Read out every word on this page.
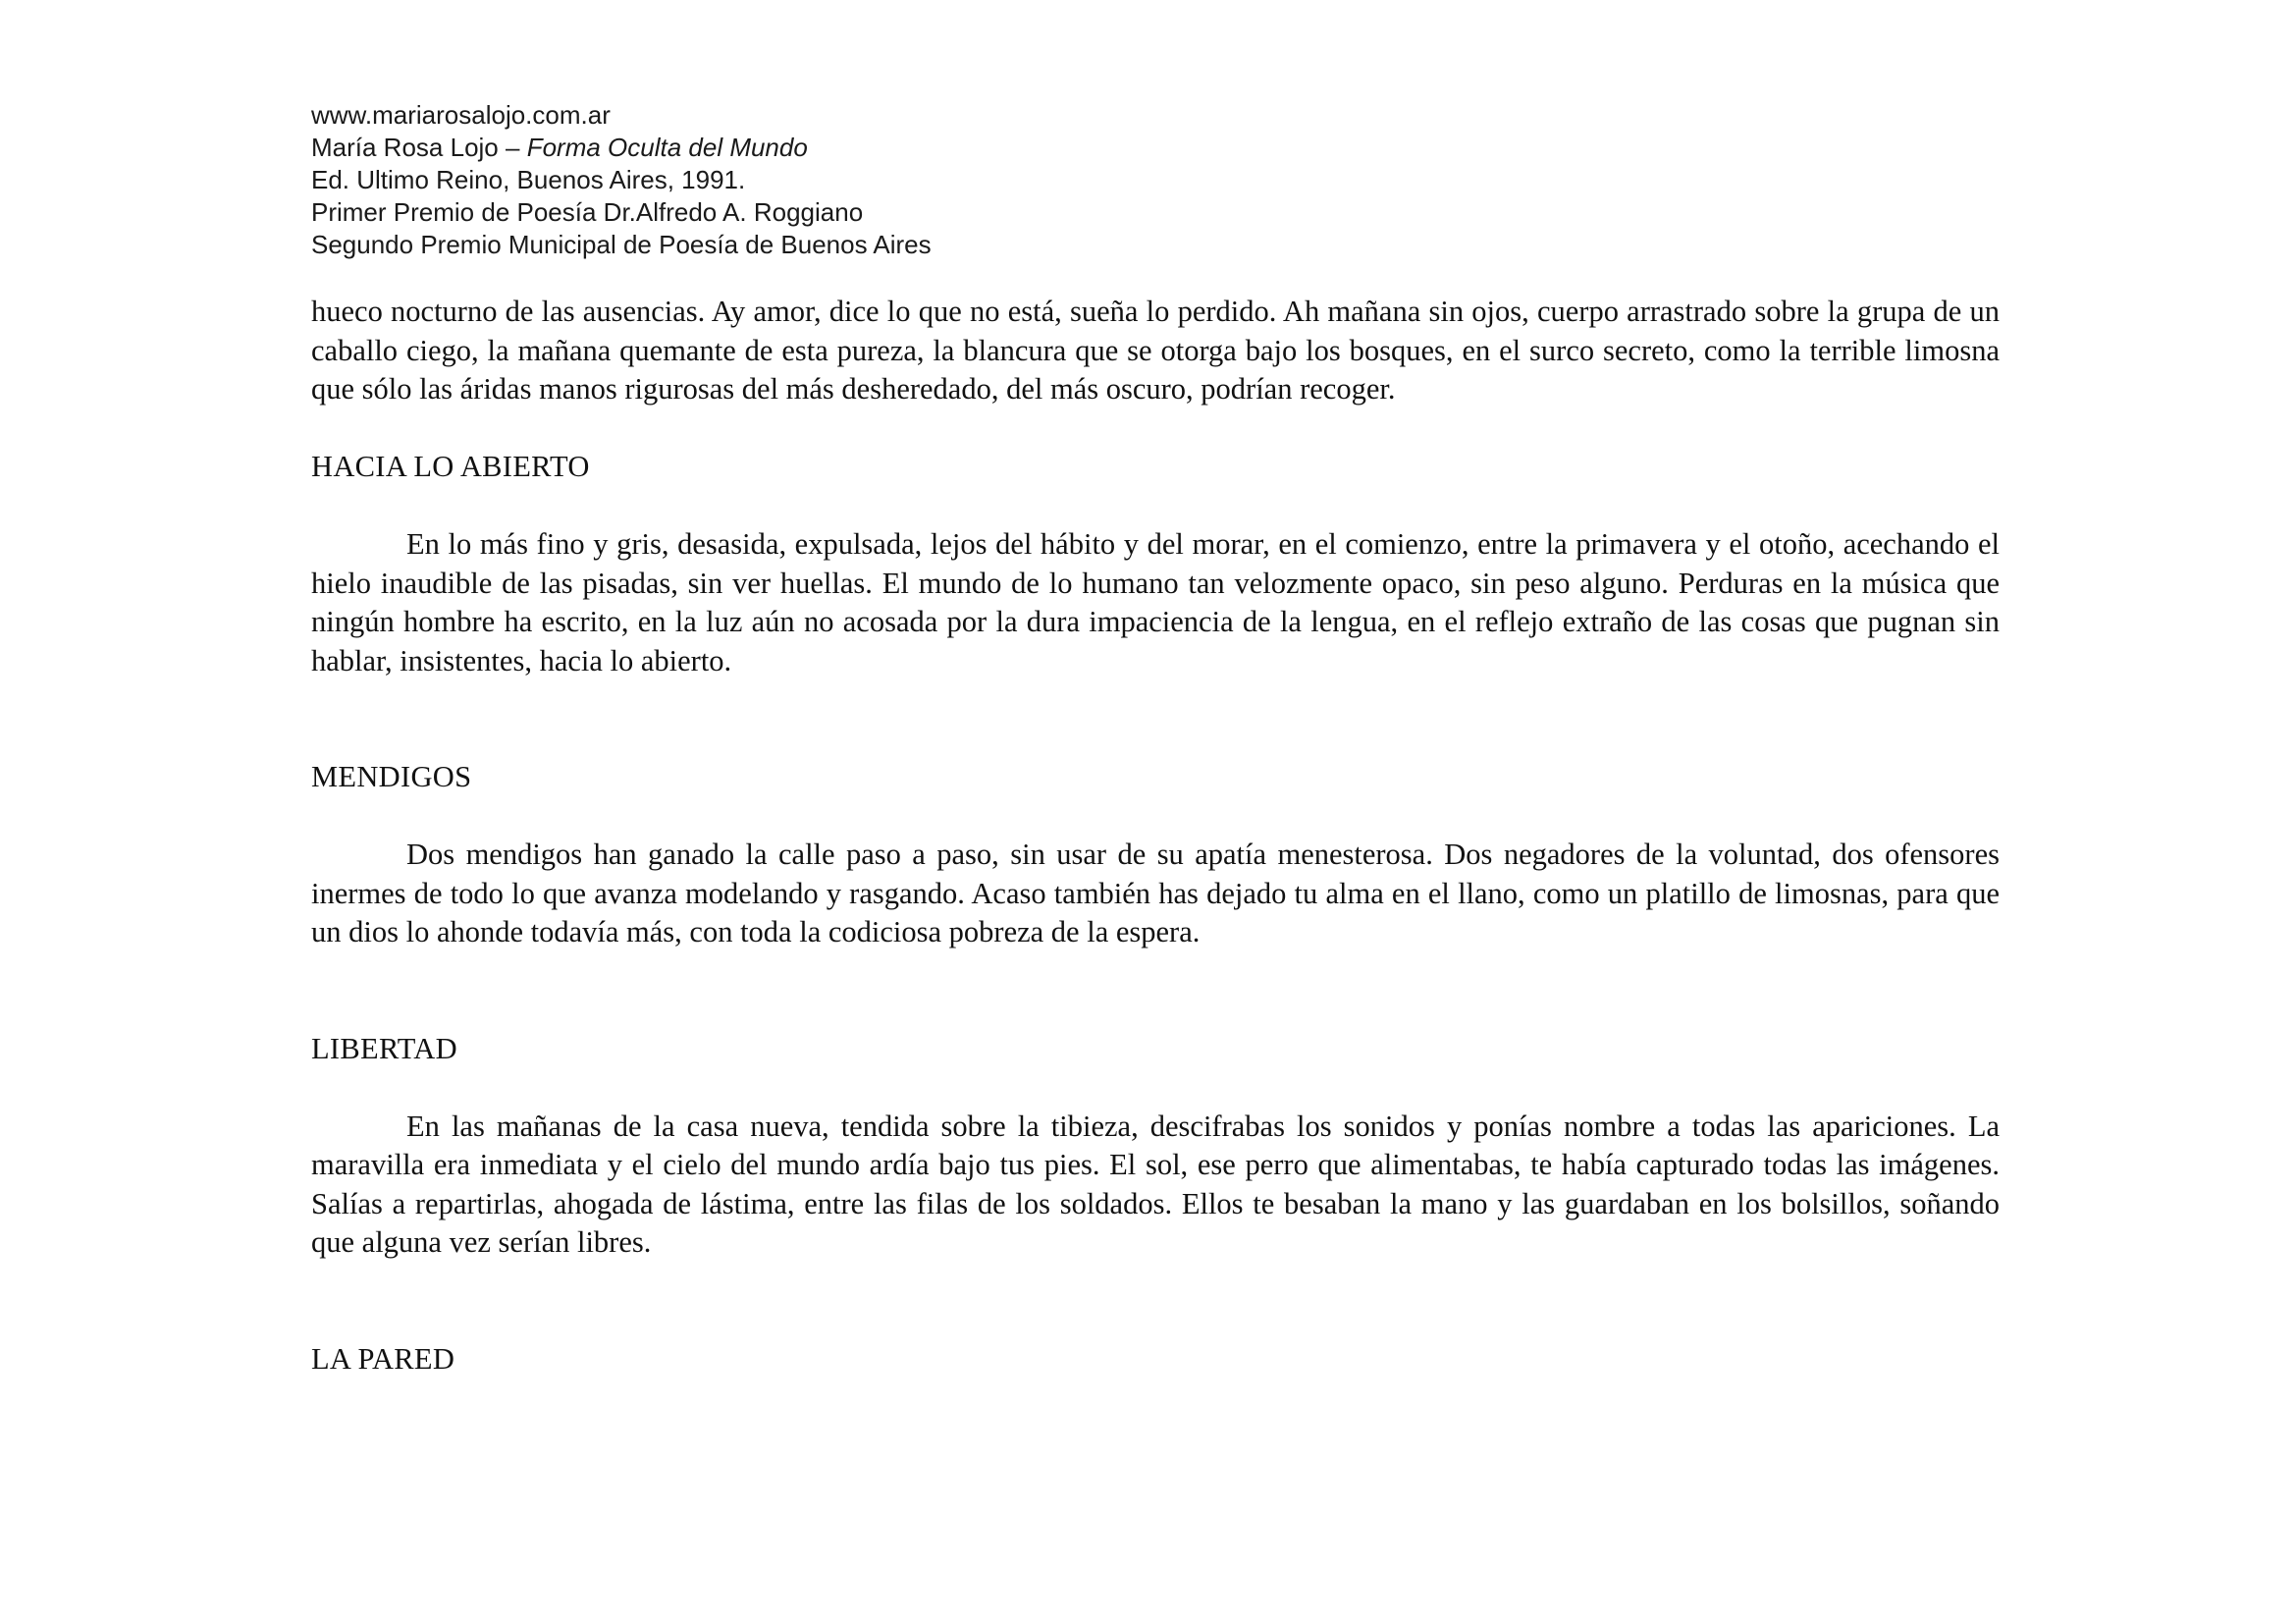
www.mariarosalojo.com.ar
María Rosa Lojo – Forma Oculta del Mundo
Ed. Ultimo Reino, Buenos Aires, 1991.
Primer Premio de Poesía Dr.Alfredo A. Roggiano
Segundo Premio Municipal de Poesía de Buenos Aires

hueco nocturno de las ausencias. Ay amor, dice lo que no está, sueña lo perdido. Ah mañana sin ojos, cuerpo arrastrado sobre la grupa de un caballo ciego, la mañana quemante de esta pureza, la blancura que se otorga bajo los bosques, en el surco secreto, como la terrible limosna que sólo las áridas manos rigurosas del más desheredado, del más oscuro, podrían recoger.

HACIA LO ABIERTO

En lo más fino y gris, desasida, expulsada, lejos del hábito y del morar, en el comienzo, entre la primavera y el otoño, acechando el hielo inaudible de las pisadas, sin ver huellas. El mundo de lo humano tan velozmente opaco, sin peso alguno. Perduras en la música que ningún hombre ha escrito, en la luz aún no acosada por la dura impaciencia de la lengua, en el reflejo extraño de las cosas que pugnan sin hablar, insistentes, hacia lo abierto.

MENDIGOS

Dos mendigos han ganado la calle paso a paso, sin usar de su apatía menesterosa. Dos negadores de la voluntad, dos ofensores inermes de todo lo que avanza modelando y rasgando. Acaso también has dejado tu alma en el llano, como un platillo de limosnas, para que un dios lo ahonde todavía más, con toda la codiciosa pobreza de la espera.

LIBERTAD

En las mañanas de la casa nueva, tendida sobre la tibieza, descifrabas los sonidos y ponías nombre a todas las apariciones. La maravilla era inmediata y el cielo del mundo ardía bajo tus pies. El sol, ese perro que alimentabas, te había capturado todas las imágenes. Salías a repartirlas, ahogada de lástima, entre las filas de los soldados. Ellos te besaban la mano y las guardaban en los bolsillos, soñando que alguna vez serían libres.

LA PARED
